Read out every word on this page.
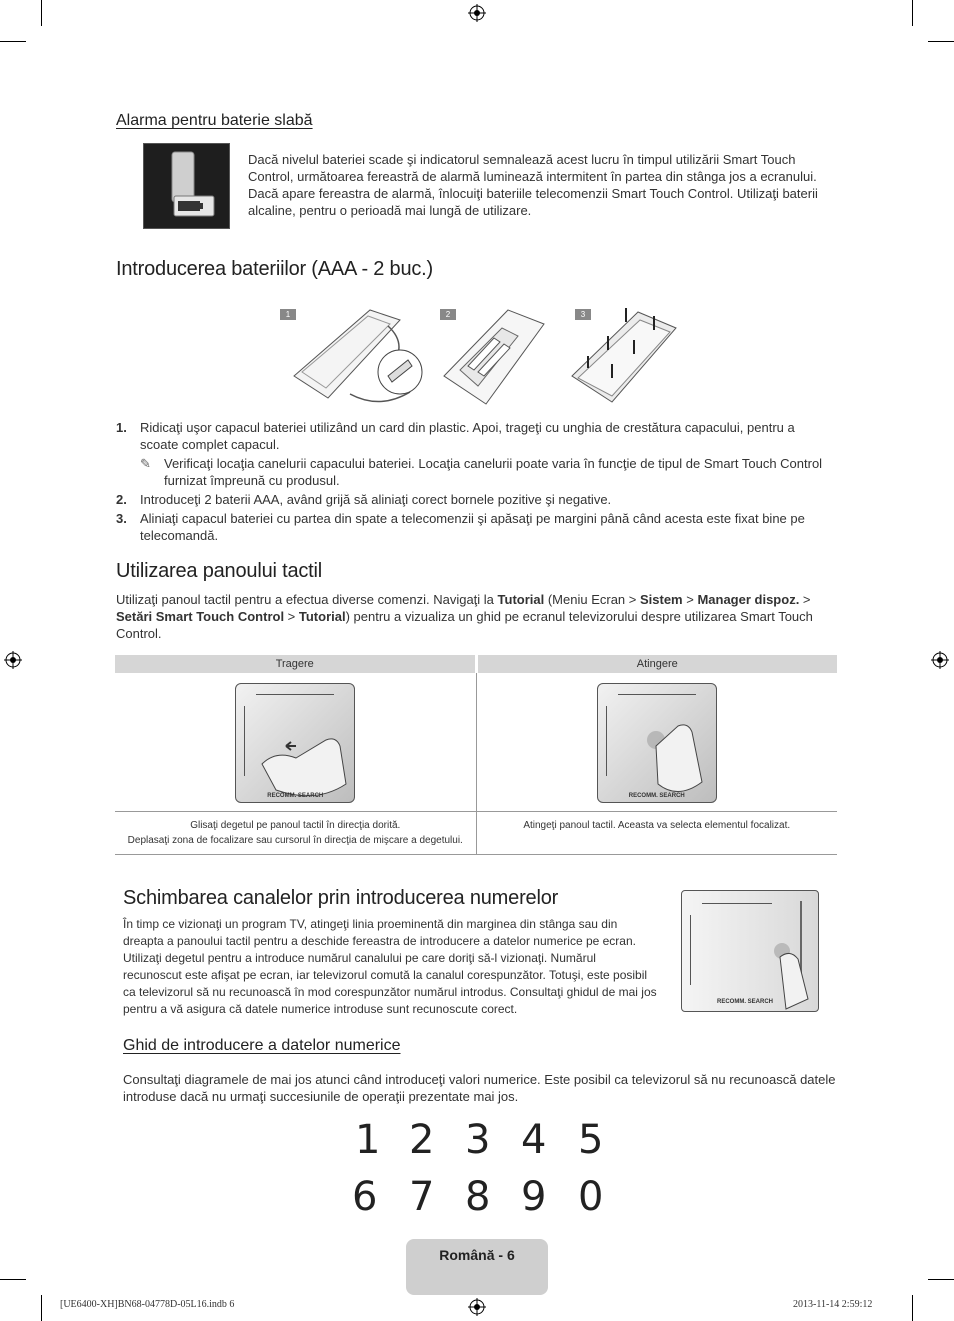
Alarma pentru baterie slabă

Dacă nivelul bateriei scade şi indicatorul semnalează acest lucru în timpul utilizării Smart Touch Control, următoarea fereastră de alarmă luminează intermitent în partea din stânga jos a ecranului. Dacă apare fereastra de alarmă, înlocuiţi bateriile telecomenzii Smart Touch Control. Utilizaţi baterii alcaline, pentru o perioadă mai lungă de utilizare.

Introducerea bateriilor (AAA - 2 buc.)
1	2	3
1. Ridicaţi uşor capacul bateriei utilizând un card din plastic. Apoi, trageţi cu unghia de crestătura capacului, pentru a scoate complet capacul.
✎ Verificaţi locaţia canelurii capacului bateriei. Locaţia canelurii poate varia în funcţie de tipul de Smart Touch Control furnizat împreună cu produsul.
2. Introduceţi 2 baterii AAA, având grijă să aliniaţi corect bornele pozitive şi negative.
3. Aliniaţi capacul bateriei cu partea din spate a telecomenzii şi apăsaţi pe margini până când acesta este fixat bine pe telecomandă.
Utilizarea panoului tactil

Utilizaţi panoul tactil pentru a efectua diverse comenzi. Navigaţi la Tutorial (Meniu Ecran > Sistem > Manager dispoz. > Setări Smart Touch Control > Tutorial) pentru a vizualiza un ghid pe ecranul televizorului despre utilizarea Smart Touch Control.

Tragere	Atingere

RECOMM. SEARCH	RECOMM. SEARCH

Glisaţi degetul pe panoul tactil în direcţia dorită.
Deplasaţi zona de focalizare sau cursorul în direcţia de mişcare a degetului.	Atingeţi panoul tactil. Aceasta va selecta elementul focalizat.
Schimbarea canalelor prin introducerea numerelor

În timp ce vizionaţi un program TV, atingeţi linia proeminentă din marginea din stânga sau din dreapta a panoului tactil pentru a deschide fereastra de introducere a datelor numerice pe ecran. Utilizaţi degetul pentru a introduce numărul canalului pe care doriţi să-l vizionaţi. Numărul recunoscut este afişat pe ecran, iar televizorul comută la canalul corespunzător. Totuşi, este posibil ca televizorul să nu recunoască în mod corespunzător numărul introdus. Consultaţi ghidul de mai jos pentru a vă asigura că datele numerice introduse sunt recunoscute corect.	RECOMM. SEARCH
Ghid de introducere a datelor numerice

Consultaţi diagramele de mai jos atunci când introduceţi valori numerice. Este posibil ca televizorul să nu recunoască datele introduse dacă nu urmaţi succesiunile de operaţii prezentate mai jos.

1 2 3 4 5
6 7 8 9 0
Română - 6
[UE6400-XH]BN68-04778D-05L16.indb 6	2013-11-14 2:59:12
